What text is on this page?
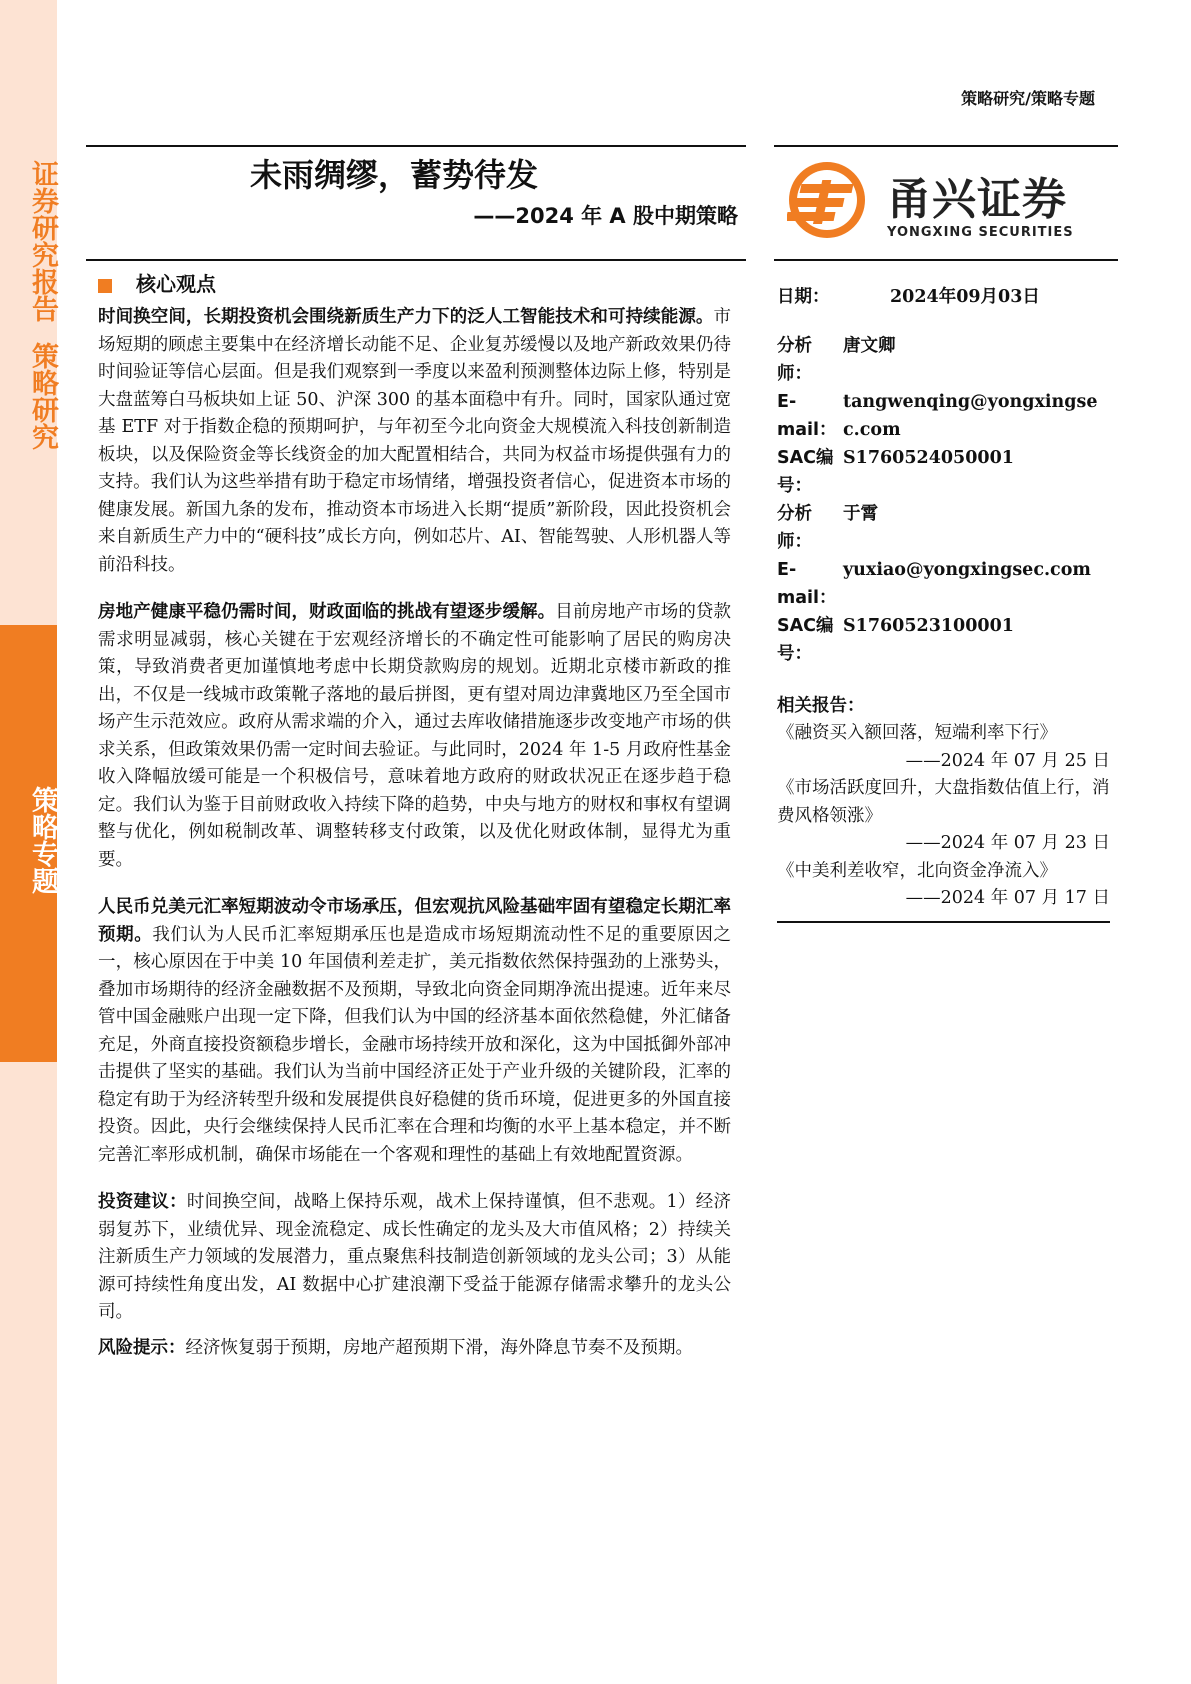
证券研究报告策略研究
策略专题
策略研究/策略专题
未雨绸缪，蓄势待发
——2024 年 A 股中期策略	甬兴证券
YONGXING SECURITIES
核心观点

时间换空间，长期投资机会围绕新质生产力下的泛人工智能技术和可持续能源。市场短期的顾虑主要集中在经济增长动能不足、企业复苏缓慢以及地产新政效果仍待时间验证等信心层面。但是我们观察到一季度以来盈利预测整体边际上修，特别是大盘蓝筹白马板块如上证 50、沪深 300 的基本面稳中有升。同时，国家队通过宽基 ETF 对于指数企稳的预期呵护，与年初至今北向资金大规模流入科技创新制造板块，以及保险资金等长线资金的加大配置相结合，共同为权益市场提供强有力的支持。我们认为这些举措有助于稳定市场情绪，增强投资者信心，促进资本市场的健康发展。新国九条的发布，推动资本市场进入长期“提质”新阶段，因此投资机会来自新质生产力中的“硬科技”成长方向，例如芯片、AI、智能驾驶、人形机器人等前沿科技。

房地产健康平稳仍需时间，财政面临的挑战有望逐步缓解。目前房地产市场的贷款需求明显减弱，核心关键在于宏观经济增长的不确定性可能影响了居民的购房决策，导致消费者更加谨慎地考虑中长期贷款购房的规划。近期北京楼市新政的推出，不仅是一线城市政策靴子落地的最后拼图，更有望对周边津冀地区乃至全国市场产生示范效应。政府从需求端的介入，通过去库收储措施逐步改变地产市场的供求关系，但政策效果仍需一定时间去验证。与此同时，2024 年 1-5 月政府性基金收入降幅放缓可能是一个积极信号，意味着地方政府的财政状况正在逐步趋于稳定。我们认为鉴于目前财政收入持续下降的趋势，中央与地方的财权和事权有望调整与优化，例如税制改革、调整转移支付政策，以及优化财政体制，显得尤为重要。

人民币兑美元汇率短期波动令市场承压，但宏观抗风险基础牢固有望稳定长期汇率预期。我们认为人民币汇率短期承压也是造成市场短期流动性不足的重要原因之一，核心原因在于中美 10 年国债利差走扩，美元指数依然保持强劲的上涨势头，叠加市场期待的经济金融数据不及预期，导致北向资金同期净流出提速。近年来尽管中国金融账户出现一定下降，但我们认为中国的经济基本面依然稳健，外汇储备充足，外商直接投资额稳步增长，金融市场持续开放和深化，这为中国抵御外部冲击提供了坚实的基础。我们认为当前中国经济正处于产业升级的关键阶段，汇率的稳定有助于为经济转型升级和发展提供良好稳健的货币环境，促进更多的外国直接投资。因此，央行会继续保持人民币汇率在合理和均衡的水平上基本稳定，并不断完善汇率形成机制，确保市场能在一个客观和理性的基础上有效地配置资源。

投资建议：时间换空间，战略上保持乐观，战术上保持谨慎，但不悲观。1）经济弱复苏下，业绩优异、现金流稳定、成长性确定的龙头及大市值风格；2）持续关注新质生产力领域的发展潜力，重点聚焦科技制造创新领域的龙头公司；3）从能源可持续性角度出发，AI 数据中心扩建浪潮下受益于能源存储需求攀升的龙头公司。

风险提示：经济恢复弱于预期，房地产超预期下滑，海外降息节奏不及预期。

日期：	2024年09月03日
分析师：
唐文卿
E-mail：
tangwenqing@yongxingsec.com
SAC编号：
S1760524050001
分析师：
于霄
E-mail：
yuxiao@yongxingsec.com
SAC编号：
S1760523100001
相关报告：
《融资买入额回落，短端利率下行》
——2024 年 07 月 25 日
《市场活跃度回升，大盘指数估值上行，消费风格领涨》
——2024 年 07 月 23 日
《中美利差收窄，北向资金净流入》
——2024 年 07 月 17 日
